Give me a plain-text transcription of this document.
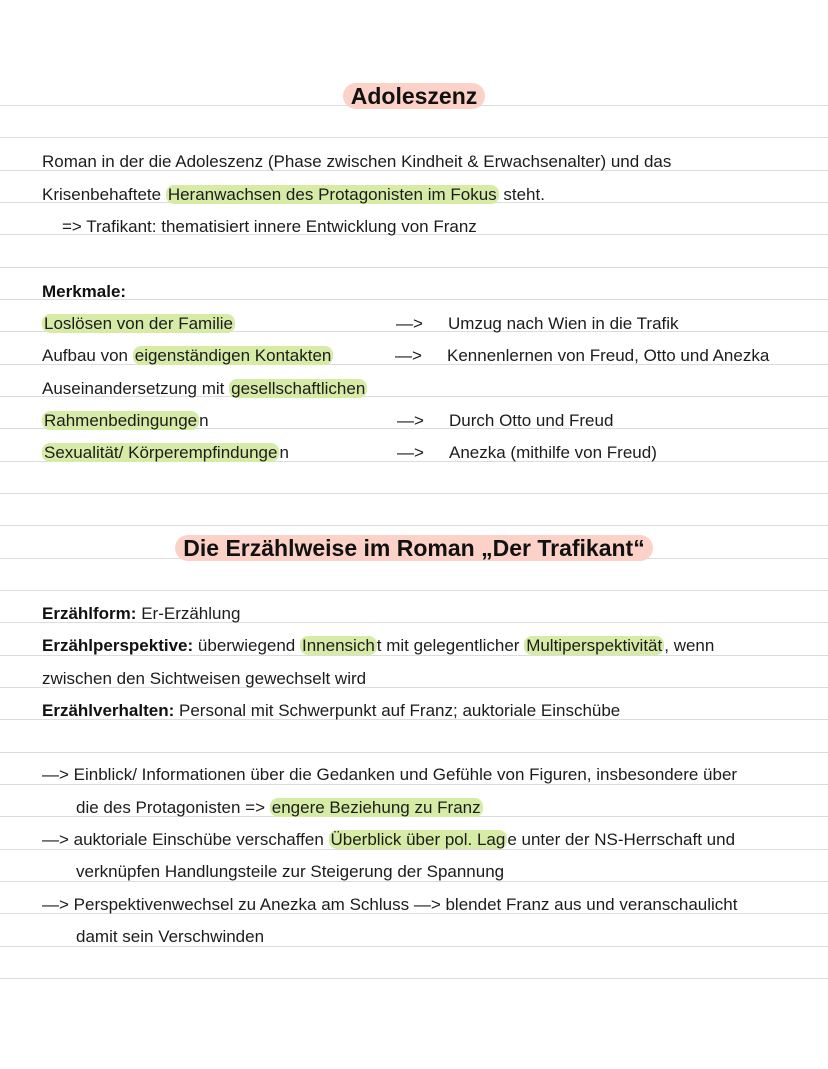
Adoleszenz
Roman in der die Adoleszenz (Phase zwischen Kindheit & Erwachsenalter) und das
Krisenbehaftete Heranwachsen des Protagonisten im Fokus steht.
=> Trafikant: thematisiert innere Entwicklung von Franz
Merkmale:
Loslösen von der Familie	—> Umzug nach Wien in die Trafik
Aufbau von eigenständigen Kontakten	—> Kennenlernen von Freud, Otto und Anezka
Auseinandersetzung mit gesellschaftlichen
Rahmenbedingunge n	—> Durch Otto und Freud
Sexualität/ Körperempfindunge n	—> Anezka (mithilfe von Freud)
Die Erzählweise im Roman „Der Trafikant“
Erzählform: Er-Erzählung
Erzählperspektive: überwiegend Innensich t mit gelegentlicher Multiperspektivität , wenn
zwischen den Sichtweisen gewechselt wird
Erzählverhalten: Personal mit Schwerpunkt auf Franz; auktoriale Einschübe
—> Einblick/ Informationen über die Gedanken und Gefühle von Figuren, insbesondere über
die des Protagonisten => engere Beziehung zu Franz
—> auktoriale Einschübe verschaffen Überblick über pol. Lag e unter der NS-Herrschaft und
verknüpfen Handlungsteile zur Steigerung der Spannung
—> Perspektivenwechsel zu Anezka am Schluss —> blendet Franz aus und veranschaulicht
damit sein Verschwinden
